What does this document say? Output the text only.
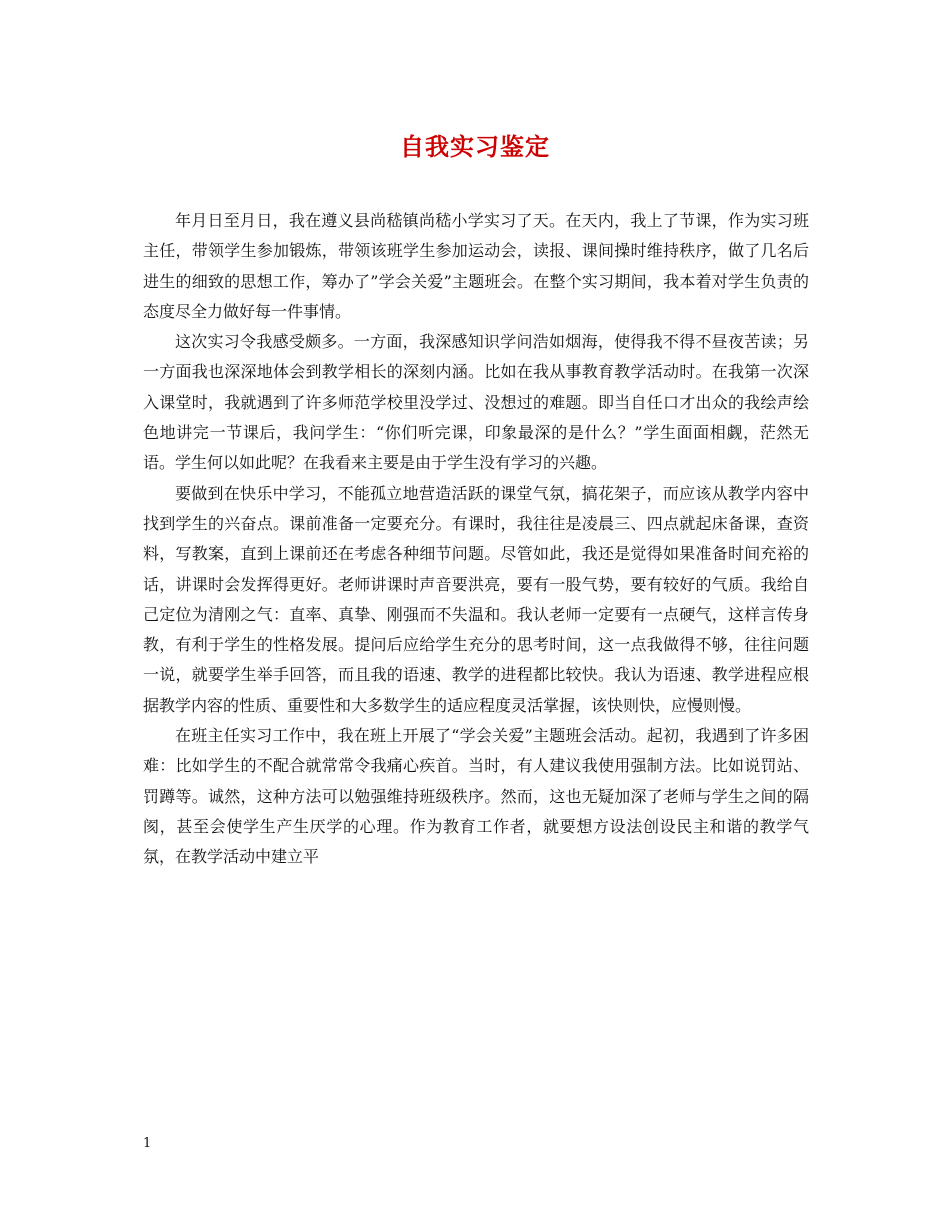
自我实习鉴定

年月日至月日，我在遵义县尚嵇镇尚嵇小学实习了天。在天内，我上了节课，作为实习班主任，带领学生参加锻炼，带领该班学生参加运动会，读报、课间操时维持秩序，做了几名后进生的细致的思想工作，筹办了”学会关爱”主题班会。在整个实习期间，我本着对学生负责的态度尽全力做好每一件事情。

这次实习令我感受颇多。一方面，我深感知识学问浩如烟海，使得我不得不昼夜苦读；另一方面我也深深地体会到教学相长的深刻内涵。比如在我从事教育教学活动时。在我第一次深入课堂时，我就遇到了许多师范学校里没学过、没想过的难题。即当自任口才出众的我绘声绘色地讲完一节课后，我问学生：“你们听完课，印象最深的是什么？”学生面面相觑，茫然无语。学生何以如此呢？在我看来主要是由于学生没有学习的兴趣。

要做到在快乐中学习，不能孤立地营造活跃的课堂气氛，搞花架子，而应该从教学内容中找到学生的兴奋点。课前准备一定要充分。有课时，我往往是凌晨三、四点就起床备课，查资料，写教案，直到上课前还在考虑各种细节问题。尽管如此，我还是觉得如果准备时间充裕的话，讲课时会发挥得更好。老师讲课时声音要洪亮，要有一股气势，要有较好的气质。我给自己定位为清刚之气：直率、真挚、刚强而不失温和。我认老师一定要有一点硬气，这样言传身教，有利于学生的性格发展。提问后应给学生充分的思考时间，这一点我做得不够，往往问题一说，就要学生举手回答，而且我的语速、教学的进程都比较快。我认为语速、教学进程应根据教学内容的性质、重要性和大多数学生的适应程度灵活掌握，该快则快，应慢则慢。

在班主任实习工作中，我在班上开展了“学会关爱”主题班会活动。起初，我遇到了许多困难：比如学生的不配合就常常令我痛心疾首。当时，有人建议我使用强制方法。比如说罚站、罚蹲等。诚然，这种方法可以勉强维持班级秩序。然而，这也无疑加深了老师与学生之间的隔阂，甚至会使学生产生厌学的心理。作为教育工作者，就要想方设法创设民主和谐的教学气氛，在教学活动中建立平

1
